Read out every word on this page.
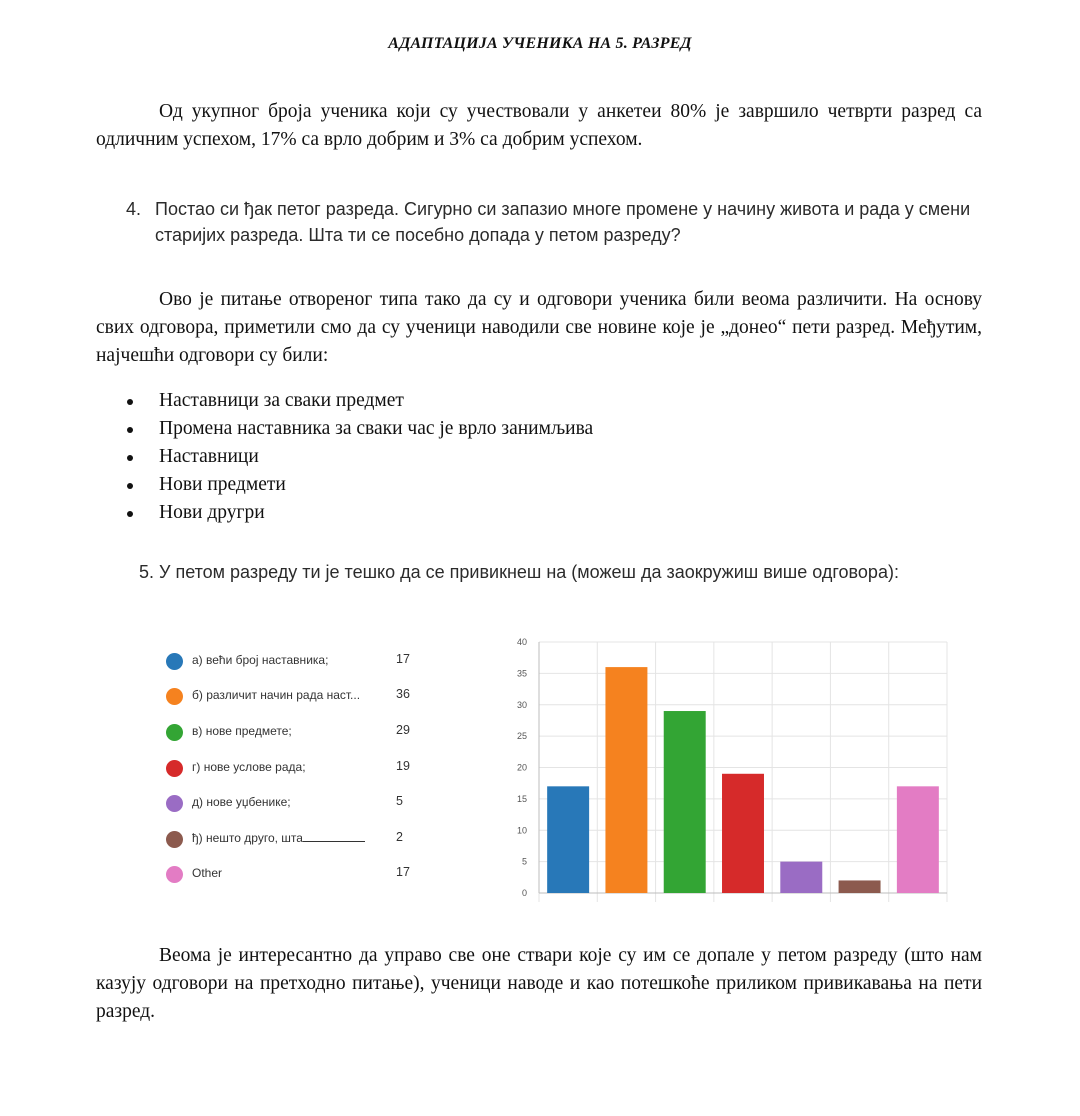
АДАПТАЦИЈА УЧЕНИКА НА 5. РАЗРЕД

Од укупног броја ученика који су учествовали у анкетеи 80% је завршило четврти разред са одличним успехом, 17% са врло добрим и 3% са добрим успехом.

4. Постао си ђак петог разреда. Сигурно си запазио многе промене у начину живота и рада у смени старијих разреда. Шта ти се посебно допада у петом разреду?

Ово је питање отвореног типа тако да су и одговори ученика били веома различити. На основу свих одговора, приметили смо да су ученици наводили све новине које је „донео“ пети разред. Међутим, најчешћи одговори су били:

Наставници за сваки предмет
Промена наставника за сваки час је врло занимљива
Наставници
Нови предмети
Нови другри
5. У петом разреду ти је тешко да се привикнеш на (можеш да заокружиш више одговора):
а) већи број наставника;	17
б) различит начин рада наст...	36
в) нове предмете;	29
г) нове услове рада;	19
д) нове уџбенике;	5
ђ) нешто друго, шта	2
Other	17
0
5
10
15
20
25
30
35
40

Веома је интересантно да управо све оне ствари које су им се допале у петом разреду (што нам казују одговори на претходно питање), ученици наводе и као потешкоће приликом привикавања на пети разред.
